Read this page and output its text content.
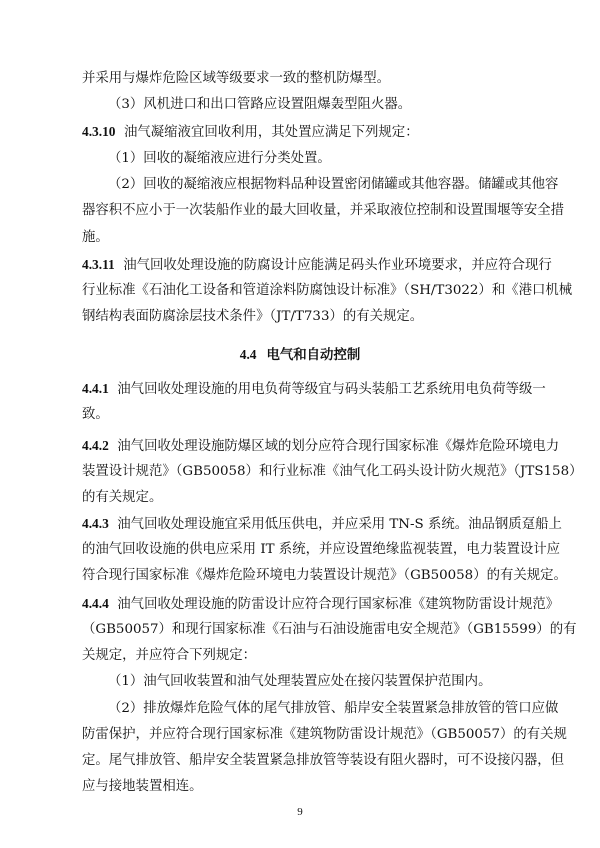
并采用与爆炸危险区域等级要求一致的整机防爆型。
（3）风机进口和出口管路应设置阻爆轰型阻火器。
4.3.10 油气凝缩液宜回收利用，其处置应满足下列规定：
（1）回收的凝缩液应进行分类处置。
（2）回收的凝缩液应根据物料品种设置密闭储罐或其他容器。储罐或其他容
器容积不应小于一次装船作业的最大回收量，并采取液位控制和设置围堰等安全措
施。
4.3.11 油气回收处理设施的防腐设计应能满足码头作业环境要求，并应符合现行
行业标准《石油化工设备和管道涂料防腐蚀设计标准》（SH/T3022）和《港口机械
钢结构表面防腐涂层技术条件》（JT/T733）的有关规定。
4.4 电气和自动控制
4.4.1 油气回收处理设施的用电负荷等级宜与码头装船工艺系统用电负荷等级一
致。
4.4.2 油气回收处理设施防爆区域的划分应符合现行国家标准《爆炸危险环境电力
装置设计规范》（GB50058）和行业标准《油气化工码头设计防火规范》（JTS158）
的有关规定。
4.4.3 油气回收处理设施宜采用低压供电，并应采用 TN-S 系统。油品钢质趸船上
的油气回收设施的供电应采用 IT 系统，并应设置绝缘监视装置，电力装置设计应
符合现行国家标准《爆炸危险环境电力装置设计规范》（GB50058）的有关规定。
4.4.4 油气回收处理设施的防雷设计应符合现行国家标准《建筑物防雷设计规范》
（GB50057）和现行国家标准《石油与石油设施雷电安全规范》（GB15599）的有
关规定，并应符合下列规定：
（1）油气回收装置和油气处理装置应处在接闪装置保护范围内。
（2）排放爆炸危险气体的尾气排放管、船岸安全装置紧急排放管的管口应做
防雷保护，并应符合现行国家标准《建筑物防雷设计规范》（GB50057）的有关规
定。尾气排放管、船岸安全装置紧急排放管等装设有阻火器时，可不设接闪器，但
应与接地装置相连。
9
